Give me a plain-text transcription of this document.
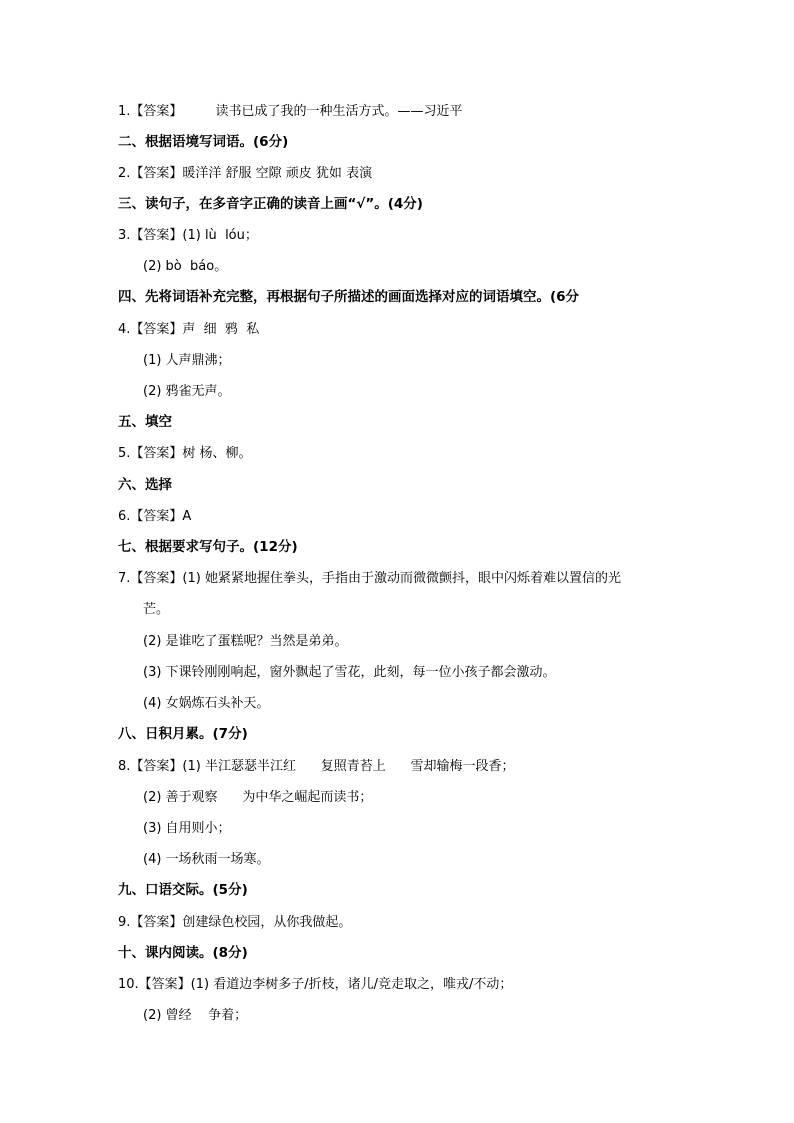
1.【答案】        读书已成了我的一种生活方式。——习近平
二、根据语境写词语。(6分)
2.【答案】暖洋洋 舒服 空隙 顽皮 犹如 表演
三、读句子，在多音字正确的读音上画“√”。(4分)
3.【答案】(1) lù  lóu；
(2) bò  báo。
四、先将词语补充完整，再根据句子所描述的画面选择对应的词语填空。(6分
4.【答案】声  细  鸦  私
(1) 人声鼎沸；
(2) 鸦雀无声。
五、填空
5.【答案】树 杨、柳。
六、选择
6.【答案】A
七、根据要求写句子。(12分)
7.【答案】(1) 她紧紧地握住拳头，手指由于激动而微微颤抖，眼中闪烁着难以置信的光
芒。
(2) 是谁吃了蛋糕呢？当然是弟弟。
(3) 下课铃刚刚响起，窗外飘起了雪花，此刻，每一位小孩子都会激动。
(4) 女娲炼石头补天。
八、日积月累。(7分)
8.【答案】(1) 半江瑟瑟半江红      复照青苔上      雪却输梅一段香；
(2) 善于观察      为中华之崛起而读书；
(3) 自用则小；
(4) 一场秋雨一场寒。
九、口语交际。(5分)
9.【答案】创建绿色校园，从你我做起。
十、课内阅读。(8分)
10.【答案】(1) 看道边李树多子/折枝，诸儿/竞走取之，唯戎/不动；
(2) 曾经    争着；
